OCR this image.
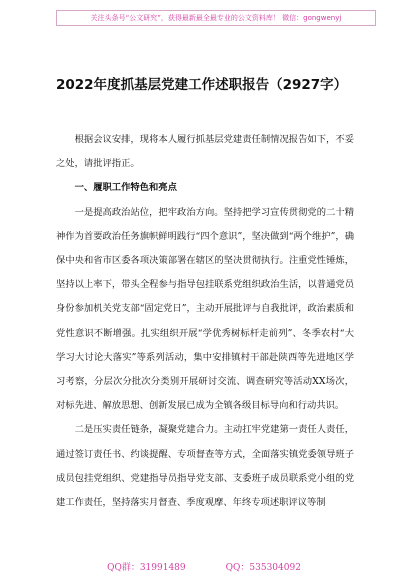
关注头条号“公文研究”，获得最新最全最专业的公文资料库！ 微信：gongwenyj
2022年度抓基层党建工作述职报告（2927字）

根据会议安排，现将本人履行抓基层党建责任制情况报告如下，不妥之处，请批评指正。

一、履职工作特色和亮点

一是提高政治站位，把牢政治方向。坚持把学习宣传贯彻党的二十精神作为首要政治任务旗帜鲜明践行“四个意识”，坚决做到“两个维护”，确保中央和省市区委各项决策部署在辖区的坚决贯彻执行。注重党性锤炼，坚持以上率下，带头全程参与指导包挂联系党组织政治生活，以普通党员身份参加机关党支部“固定党日”，主动开展批评与自我批评，政治素质和党性意识不断增强。扎实组织开展“学优秀树标杆走前列”、冬季农村“大学习大讨论大落实”等系列活动，集中安排镇村干部赴陕西等先进地区学习考察，分层次分批次分类别开展研讨交流、调查研究等活动XX场次，对标先进、解放思想、创新发展已成为全镇各级目标导向和行动共识。

二是压实责任链条，凝聚党建合力。主动扛牢党建第一责任人责任，通过签订责任书、约谈提醒、专项督查等方式，全面落实镇党委领导班子成员包挂党组织、党建指导员指导党支部、支委班子成员联系党小组的党建工作责任，坚持落实月督查、季度观摩、年终专项述职评议等制

QQ群：31991489	QQ：535304092
